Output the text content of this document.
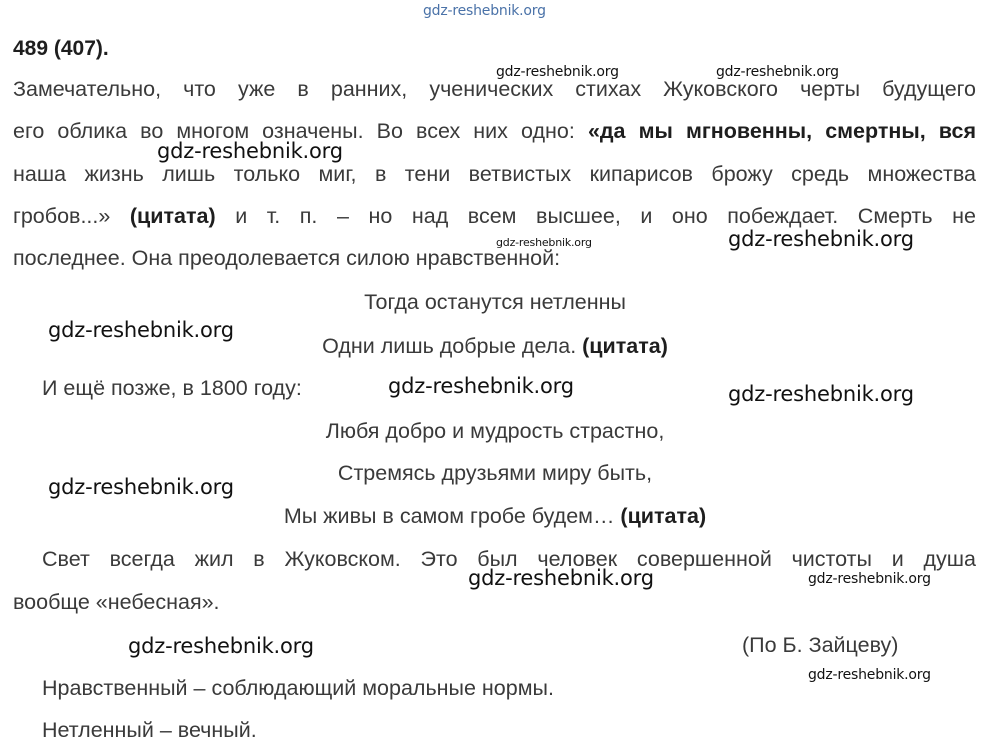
gdz-reshebnik.org
489 (407).
Замечательно, что уже в ранних, ученических стихах Жуковского черты будущего
его облика во многом означены. Во всех них одно: «да мы мгновенны, смертны, вся
наша жизнь лишь только миг, в тени ветвистых кипарисов брожу средь множества
гробов...» (цитата) и т. п. – но над всем высшее, и оно побеждает. Смерть не
последнее. Она преодолевается силою нравственной:
Тогда останутся нетленны
Одни лишь добрые дела. (цитата)
И ещё позже, в 1800 году:
Любя добро и мудрость страстно,
Стремясь друзьями миру быть,
Мы живы в самом гробе будем… (цитата)
Свет всегда жил в Жуковском. Это был человек совершенной чистоты и душа
вообще «небесная».
(По Б. Зайцеву)
Нравственный – соблюдающий моральные нормы.
Нетленный – вечный.
gdz-reshebnik.org	gdz-reshebnik.org
gdz-reshebnik.org
gdz-reshebnik.org	gdz-reshebnik.org
gdz-reshebnik.org
gdz-reshebnik.org	gdz-reshebnik.org
gdz-reshebnik.org
gdz-reshebnik.org	gdz-reshebnik.org
gdz-reshebnik.org
gdz-reshebnik.org
